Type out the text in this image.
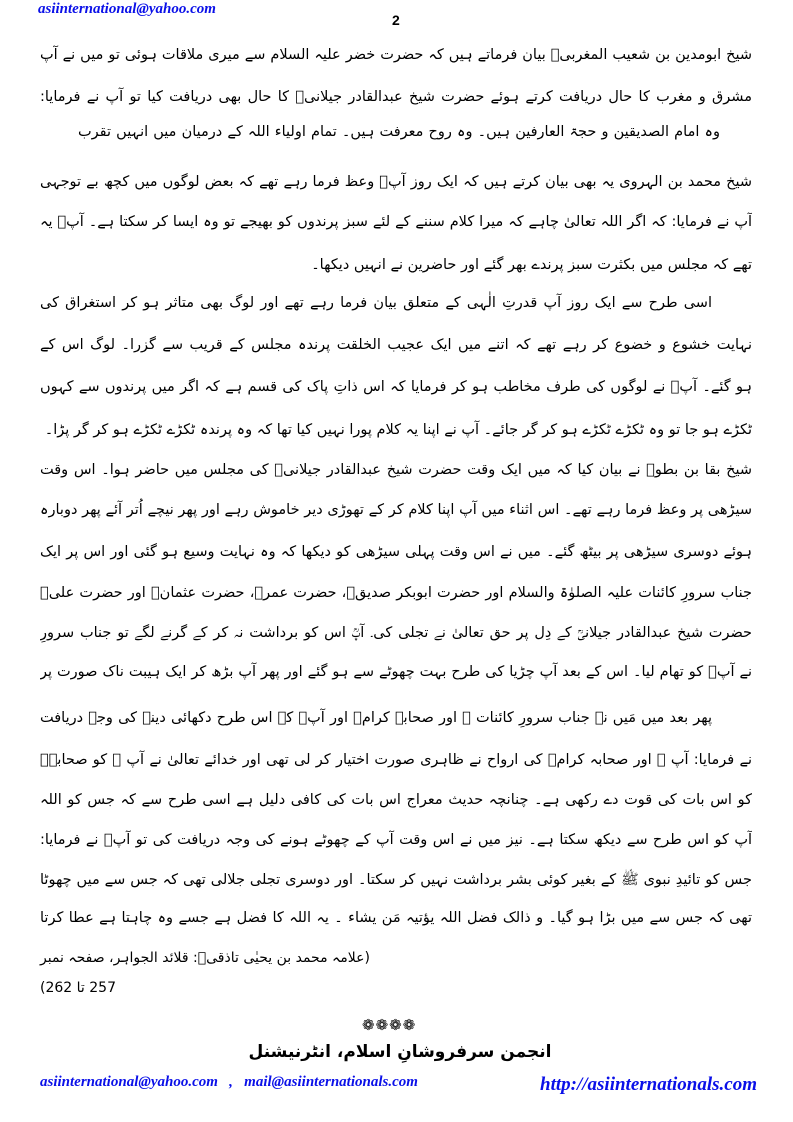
asiinternational@yahoo.com
2
شیخ ابومدین بن شعیب المغربیؒ بیان فرماتے ہیں کہ حضرت خضر علیہ السلام سے میری ملاقات ہوئی تو میں نے آپ
مشرق و مغرب کا حال دریافت کرتے ہوئے حضرت شیخ عبدالقادر جیلانیؒ کا حال بھی دریافت کیا تو آپ نے فرمایا:
وہ امام الصدیقین و حجۃ العارفین ہیں۔ وہ روح معرفت ہیں۔ تمام اولیاء اللہ کے درمیان میں انہیں تقرب
شیخ محمد بن الہروی یہ بھی بیان کرتے ہیں کہ ایک روز آپؒ وعظ فرما رہے تھے کہ بعض لوگوں میں کچھ بے توجہی
آپ نے فرمایا: کہ اگر اللہ تعالیٰ چاہے کہ میرا کلام سننے کے لئے سبز پرندوں کو بھیجے تو وہ ایسا کر سکتا ہے۔ آپؒ یہ
تھے کہ مجلس میں بکثرت سبز پرندے بھر گئے اور حاضرین نے انہیں دیکھا۔
اسی طرح سے ایک روز آپ قدرتِ الٰہی کے متعلق بیان فرما رہے تھے اور لوگ بھی متاثر ہو کر استغراق کی
نہایت خشوع و خضوع کر رہے تھے کہ اتنے میں ایک عجیب الخلقت پرندہ مجلس کے قریب سے گزرا۔ لوگ اس کے
ہو گئے۔ آپؒ نے لوگوں کی طرف مخاطب ہو کر فرمایا کہ اس ذاتِ پاک کی قسم ہے کہ اگر میں پرندوں سے کہوں
ٹکڑے ہو جا تو وہ ٹکڑے ٹکڑے ہو کر گر جائے۔ آپ نے اپنا یہ کلام پورا نہیں کیا تھا کہ وہ پرندہ ٹکڑے ٹکڑے ہو کر گر پڑا۔
شیخ بقا بن بطوؒ نے بیان کیا کہ میں ایک وقت حضرت شیخ عبدالقادر جیلانیؒ کی مجلس میں حاضر ہوا۔ اس وقت
سیڑھی پر وعظ فرما رہے تھے۔ اس اثناء میں آپ اپنا کلام کر کے تھوڑی دیر خاموش رہے اور پھر نیچے اُتر آئے پھر دوبارہ
ہوئے دوسری سیڑھی پر بیٹھ گئے۔ میں نے اس وقت پہلی سیڑھی کو دیکھا کہ وہ نہایت وسیع ہو گئی اور اس پر ایک
جناب سرورِ کائنات علیہ الصلوٰۃ والسلام اور حضرت ابوبکر صدیقؓ، حضرت عمرؓ، حضرت عثمانؓ اور حضرت علیؓ
حضرت شیخ عبدالقادر جیلانیؒ کے دِل پر حق تعالیٰ نے تجلی کی۔ آپؒ اس کو برداشت نہ کر کے گرنے لگے تو جناب سرورِ
نے آپؒ کو تھام لیا۔ اس کے بعد آپ چڑیا کی طرح بہت چھوٹے سے ہو گئے اور پھر آپ بڑھ کر ایک ہیبت ناک صورت پر
پھر بعد میں مَیں نے جناب سرورِ کائنات ﷺ اور صحابہ کرامؓ اور آپؒ کے اس طرح دکھائی دینے کی وجہ دریافت
نے فرمایا: آپ ﷺ اور صحابہ کرامؓ کی ارواح نے ظاہری صورت اختیار کر لی تھی اور خدائے تعالیٰ نے آپ ﷺ کو صحابہؓ
کو اس بات کی قوت دے رکھی ہے۔ چنانچہ حدیث معراج اس بات کی کافی دلیل ہے اسی طرح سے کہ جس کو اللہ
آپ کو اس طرح سے دیکھ سکتا ہے۔ نیز میں نے اس وقت آپ کے چھوٹے ہونے کی وجہ دریافت کی تو آپؒ نے فرمایا:
جس کو تائیدِ نبوی ﷺ کے بغیر کوئی بشر برداشت نہیں کر سکتا۔ اور دوسری تجلی جلالی تھی کہ جس سے میں چھوٹا
تھی کہ جس سے میں بڑا ہو گیا۔ و ذالک فضل اللہ یؤتیہ مَن یشاء ۔ یہ اللہ کا فضل ہے جسے وہ چاہتا ہے عطا کرتا
(علامہ محمد بن یحیٰی تاذقیؒ: قلائد الجواہر، صفحہ نمبر 257 تا 262)
❁❁❁❁
انجمن سرفروشانِ اسلام، انٹرنیشنل
asiinternational@yahoo.com   ,   mail@asiinternationals.com	http://asiinternationals.com
